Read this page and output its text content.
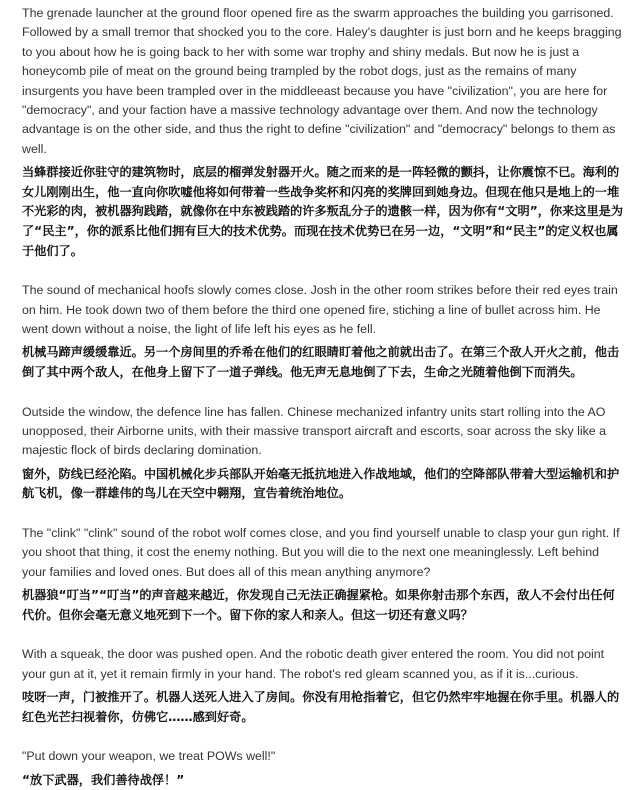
The grenade launcher at the ground floor opened fire as the swarm approaches the building you garrisoned. Followed by a small tremor that shocked you to the core. Haley's daughter is just born and he keeps bragging to you about how he is going back to her with some war trophy and shiny medals. But now he is just a honeycomb pile of meat on the ground being trampled by the robot dogs, just as the remains of many insurgents you have been trampled over in the middleeast because you have "civilization", you are here for "democracy", and your faction have a massive technology advantage over them. And now the technology advantage is on the other side, and thus the right to define "civilization" and "democracy" belongs to them as well.

当蜂群接近你驻守的建筑物时，底层的榴弹发射器开火。随之而来的是一阵轻微的颤抖，让你震惊不已。海利的女儿刚刚出生，他一直向你吹嘘他将如何带着一些战争奖杯和闪亮的奖牌回到她身边。但现在他只是地上的一堆不光彩的肉，被机器狗践踏，就像你在中东被践踏的许多叛乱分子的遗骸一样，因为你有“文明”，你来这里是为了“民主”，你的派系比他们拥有巨大的技术优势。而现在技术优势已在另一边，“文明”和“民主”的定义权也属于他们了。

The sound of mechanical hoofs slowly comes close. Josh in the other room strikes before their red eyes train on him. He took down two of them before the third one opened fire, stiching a line of bullet across him. He went down without a noise, the light of life left his eyes as he fell.

机械马蹄声缓缓靠近。另一个房间里的乔希在他们的红眼睛盯着他之前就出击了。在第三个敌人开火之前，他击倒了其中两个敌人，在他身上留下了一道子弹线。他无声无息地倒了下去，生命之光随着他倒下而消失。

Outside the window, the defence line has fallen. Chinese mechanized infantry units start rolling into the AO unopposed, their Airborne units, with their massive transport aircraft and escorts, soar across the sky like a majestic flock of birds declaring domination.

窗外，防线已经沦陷。中国机械化步兵部队开始毫无抵抗地进入作战地域，他们的空降部队带着大型运输机和护航飞机，像一群雄伟的鸟儿在天空中翱翔，宣告着统治地位。

The "clink" "clink" sound of the robot wolf comes close, and you find yourself unable to clasp your gun right. If you shoot that thing, it cost the enemy nothing. But you will die to the next one meaninglessly. Left behind your families and loved ones. But does all of this mean anything anymore?

机器狼“叮当”“叮当”的声音越来越近，你发现自己无法正确握紧枪。如果你射击那个东西，敌人不会付出任何代价。但你会毫无意义地死到下一个。留下你的家人和亲人。但这一切还有意义吗？

With a squeak, the door was pushed open. And the robotic death giver entered the room. You did not point your gun at it, yet it remain firmly in your hand. The robot's red gleam scanned you, as if it is...curious.

吱呀一声，门被推开了。机器人送死人进入了房间。你没有用枪指着它，但它仍然牢牢地握在你手里。机器人的红色光芒扫视着你，仿佛它……感到好奇。

"Put down your weapon, we treat POWs well!"

“放下武器，我们善待战俘！”
